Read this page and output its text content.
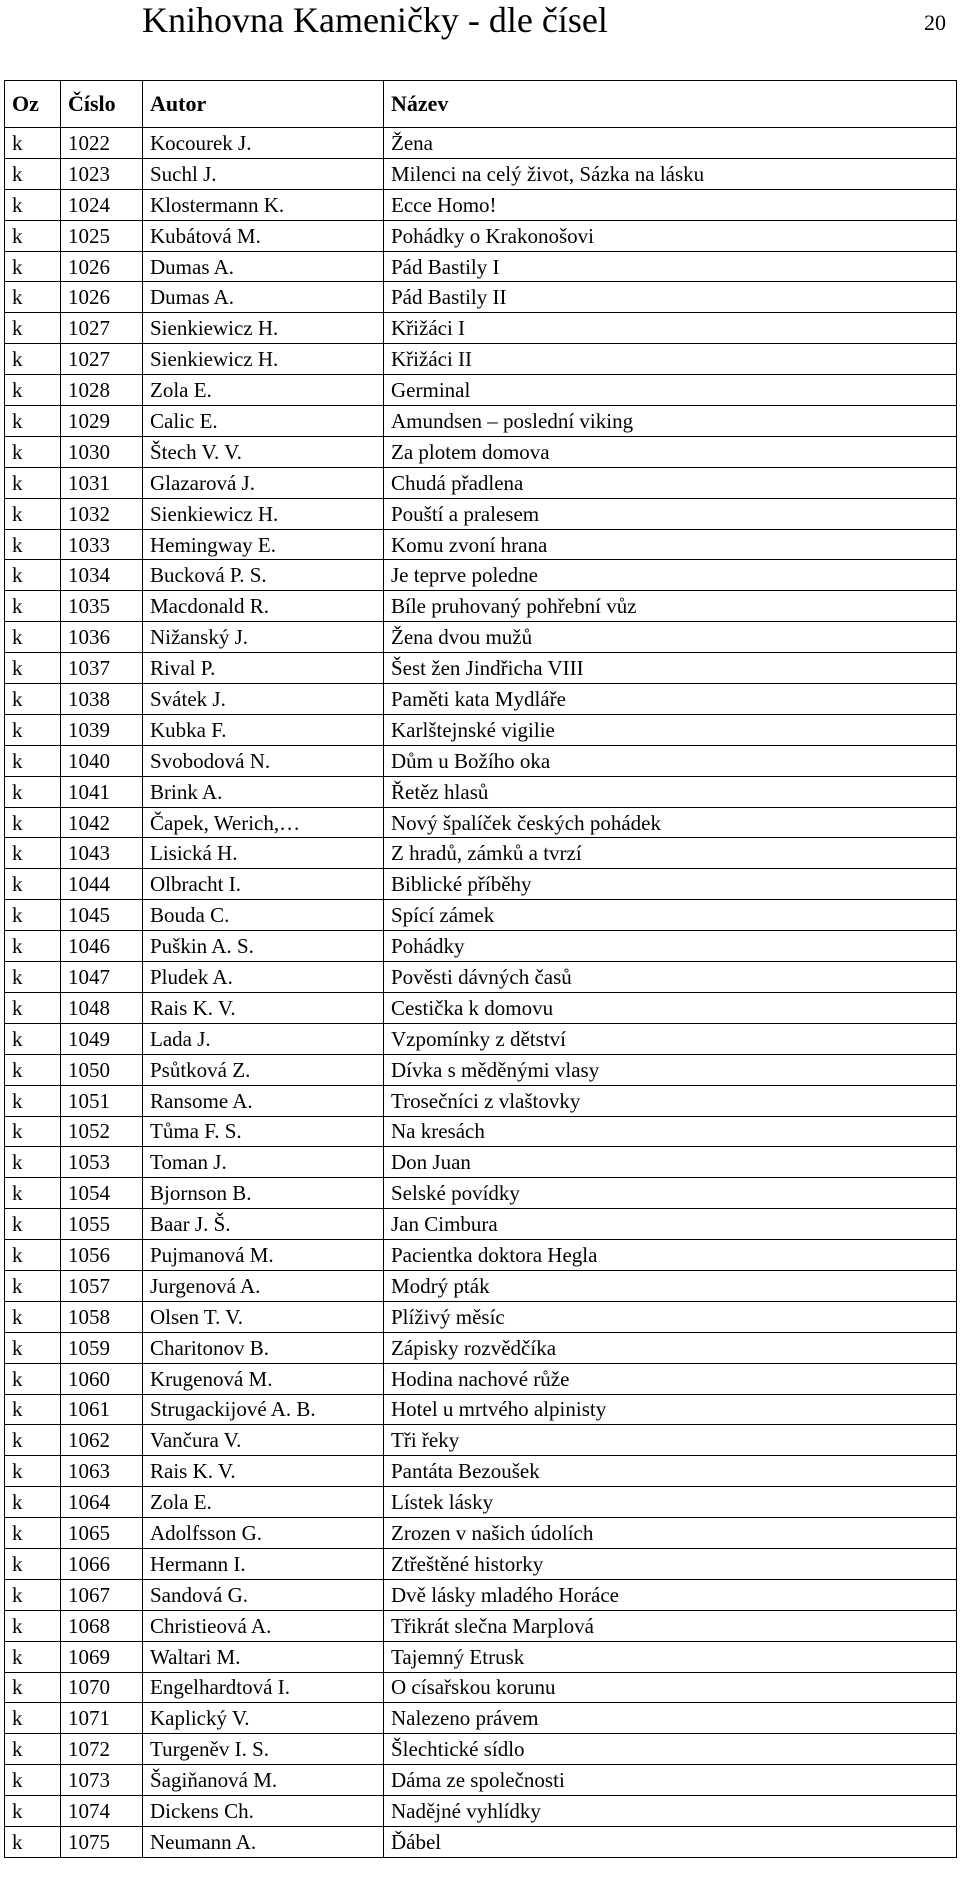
Knihovna Kameničky - dle čísel	20
Oz	Číslo	Autor	Název
k	1022	Kocourek J.	Žena
k	1023	Suchl J.	Milenci na celý život, Sázka na lásku
k	1024	Klostermann K.	Ecce Homo!
k	1025	Kubátová M.	Pohádky o Krakonošovi
k	1026	Dumas A.	Pád Bastily I
k	1026	Dumas A.	Pád Bastily II
k	1027	Sienkiewicz H.	Křižáci I
k	1027	Sienkiewicz H.	Křižáci II
k	1028	Zola E.	Germinal
k	1029	Calic E.	Amundsen – poslední viking
k	1030	Štech V. V.	Za plotem domova
k	1031	Glazarová J.	Chudá přadlena
k	1032	Sienkiewicz H.	Pouští a pralesem
k	1033	Hemingway E.	Komu zvoní hrana
k	1034	Bucková P. S.	Je teprve poledne
k	1035	Macdonald R.	Bíle pruhovaný pohřební vůz
k	1036	Nižanský J.	Žena dvou mužů
k	1037	Rival P.	Šest žen Jindřicha VIII
k	1038	Svátek J.	Paměti kata Mydláře
k	1039	Kubka F.	Karlštejnské vigilie
k	1040	Svobodová N.	Dům u Božího oka
k	1041	Brink A.	Řetěz hlasů
k	1042	Čapek, Werich,…	Nový špalíček českých pohádek
k	1043	Lisická H.	Z hradů, zámků a tvrzí
k	1044	Olbracht I.	Biblické příběhy
k	1045	Bouda C.	Spící zámek
k	1046	Puškin A. S.	Pohádky
k	1047	Pludek A.	Pověsti dávných časů
k	1048	Rais K. V.	Cestička k domovu
k	1049	Lada J.	Vzpomínky z dětství
k	1050	Psůtková Z.	Dívka s měděnými vlasy
k	1051	Ransome A.	Trosečníci z vlaštovky
k	1052	Tůma F. S.	Na kresách
k	1053	Toman J.	Don Juan
k	1054	Bjornson B.	Selské povídky
k	1055	Baar J. Š.	Jan Cimbura
k	1056	Pujmanová M.	Pacientka doktora Hegla
k	1057	Jurgenová A.	Modrý pták
k	1058	Olsen T. V.	Plíživý měsíc
k	1059	Charitonov B.	Zápisky rozvědčíka
k	1060	Krugenová M.	Hodina nachové růže
k	1061	Strugackijové A. B.	Hotel u mrtvého alpinisty
k	1062	Vančura V.	Tři řeky
k	1063	Rais K. V.	Pantáta Bezoušek
k	1064	Zola E.	Lístek lásky
k	1065	Adolfsson G.	Zrozen v našich údolích
k	1066	Hermann I.	Ztřeštěné historky
k	1067	Sandová G.	Dvě lásky mladého Horáce
k	1068	Christieová A.	Třikrát slečna Marplová
k	1069	Waltari M.	Tajemný Etrusk
k	1070	Engelhardtová I.	O císařskou korunu
k	1071	Kaplický V.	Nalezeno právem
k	1072	Turgeněv I. S.	Šlechtické sídlo
k	1073	Šagiňanová M.	Dáma ze společnosti
k	1074	Dickens Ch.	Nadějné vyhlídky
k	1075	Neumann A.	Ďábel
